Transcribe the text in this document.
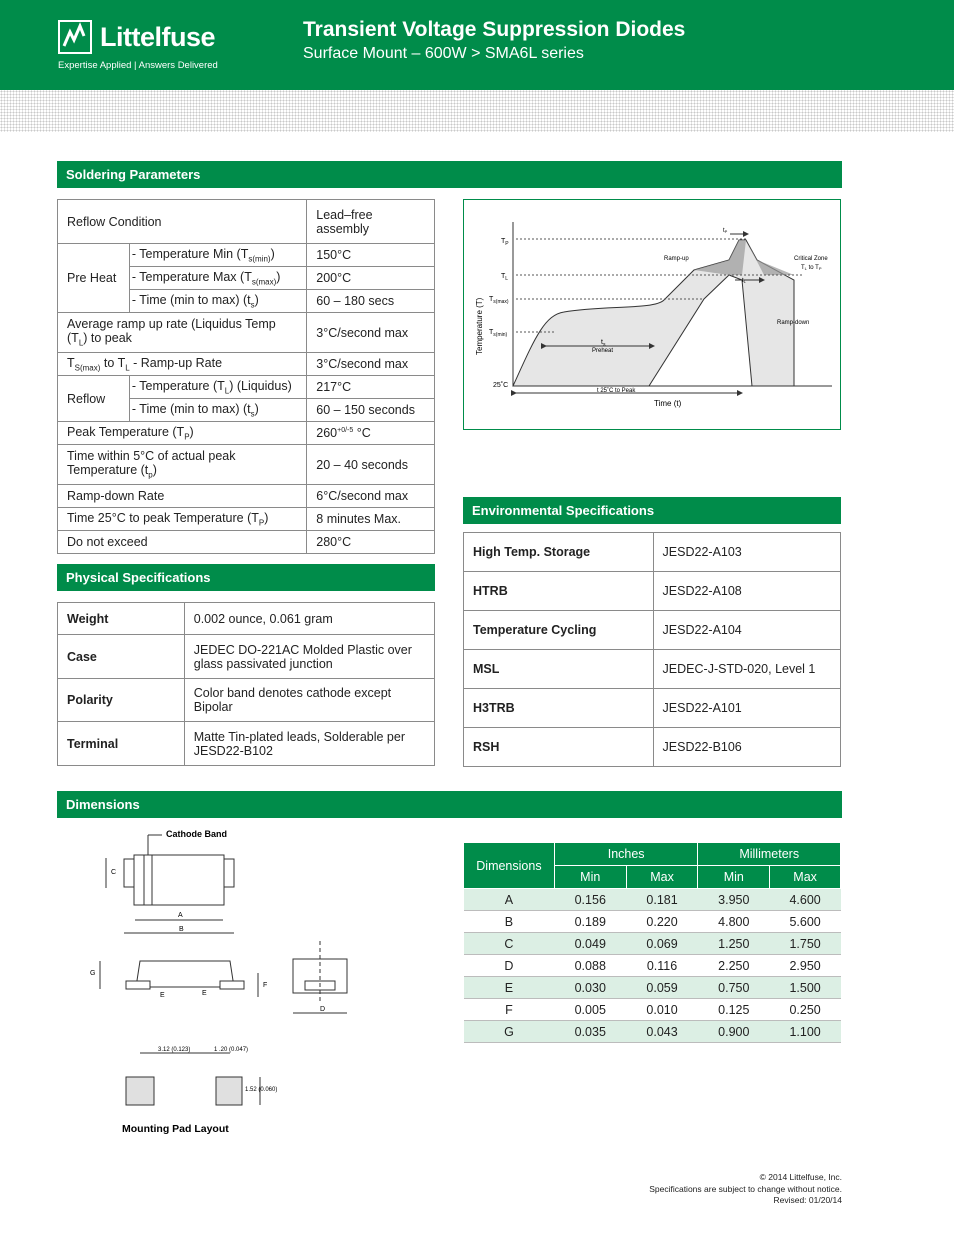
Littelfuse
Expertise Applied | Answers Delivered
Transient Voltage Suppression Diodes
Surface Mount – 600W > SMA6L series
Soldering Parameters
Reflow Condition		Lead–free assembly
Pre Heat	- Temperature Min $(T_{s(min)})$	150°C
	- Temperature Max $(T_{s(max)})$	200°C
	- Time (min to max) $(t_s)$	60 – 180 secs
Average ramp up rate (Liquidus Temp $(T_L)$ to peak		3°C/second max
$T_{S(max)}$ to $T_L$ - Ramp-up Rate		3°C/second max
Reflow	- Temperature $(T_L)$ (Liquidus)	217°C
	- Time (min to max) $(t_s)$	60 – 150 seconds
Peak Temperature $(T_P)$		$260^{+0/-5}$ °C
Time within 5°C of actual peak Temperature $(t_p)$		20 – 40 seconds
Ramp-down Rate		6°C/second max
Time 25°C to peak Temperature $(T_P)$		8 minutes Max.
Do not exceed		280°C
$T_P$
$T_L$
$T_{s(max)}$
$T_{s(min)}$
25˚C
Temperature (T)
Time (t)
Ramp-up
Ramp-down
Critical Zone
TL to TP
$t_s$
Preheat
t 25˚C to Peak
tP
tL
Environmental Specifications
High Temp. Storage	JESD22-A103
HTRB	JESD22-A108
Temperature Cycling	JESD22-A104
MSL	JEDEC-J-STD-020, Level 1
H3TRB	JESD22-A101
RSH	JESD22-B106
Physical Specifications
Weight	0.002 ounce, 0.061 gram
Case	JEDEC DO-221AC Molded Plastic over glass passivated junction
Polarity	Color band denotes cathode except Bipolar
Terminal	Matte Tin-plated leads, Solderable per JESD22-B102
Dimensions
Cathode Band
C
A
B
G
E	E
F
D
3.12 (0.123)	1 .20 (0.047)
1.52 (0.060)
Mounting Pad Layout
Dimensions	Inches		Millimeters	
	Min	Max	Min	Max
A	0.156	0.181	3.950	4.600
B	0.189	0.220	4.800	5.600
C	0.049	0.069	1.250	1.750
D	0.088	0.116	2.250	2.950
E	0.030	0.059	0.750	1.500
F	0.005	0.010	0.125	0.250
G	0.035	0.043	0.900	1.100
© 2014 Littelfuse, Inc.
Specifications are subject to change without notice.
Revised: 01/20/14
